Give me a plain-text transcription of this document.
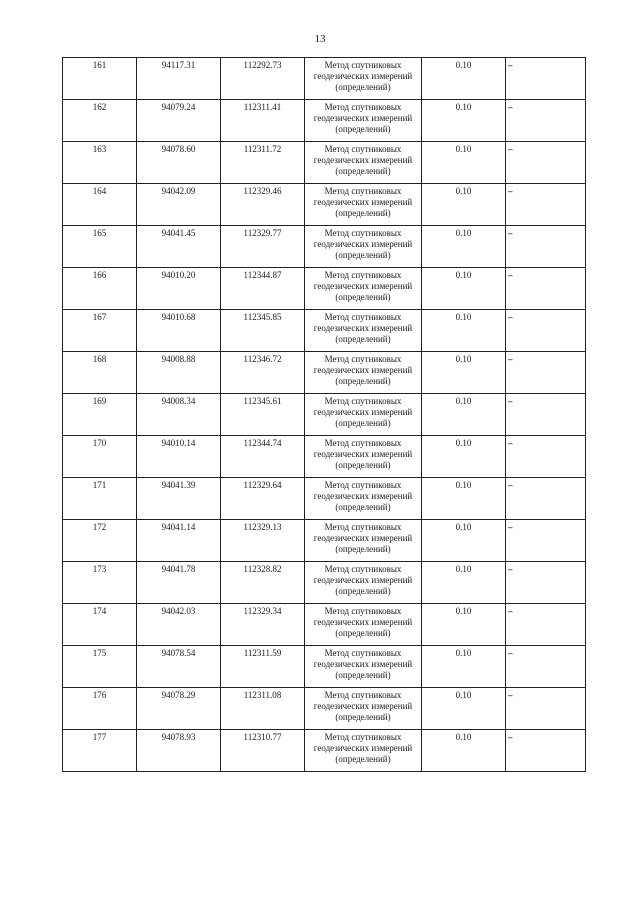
13
161	94117.31	112292.73	Метод спутниковых геодезических измерений (определений)	0.10	–
162	94079.24	112311.41	Метод спутниковых геодезических измерений (определений)	0.10	–
163	94078.60	112311.72	Метод спутниковых геодезических измерений (определений)	0.10	–
164	94042.09	112329.46	Метод спутниковых геодезических измерений (определений)	0.10	–
165	94041.45	112329.77	Метод спутниковых геодезических измерений (определений)	0.10	–
166	94010.20	112344.87	Метод спутниковых геодезических измерений (определений)	0.10	–
167	94010.68	112345.85	Метод спутниковых геодезических измерений (определений)	0.10	–
168	94008.88	112346.72	Метод спутниковых геодезических измерений (определений)	0.10	–
169	94008.34	112345.61	Метод спутниковых геодезических измерений (определений)	0.10	–
170	94010.14	112344.74	Метод спутниковых геодезических измерений (определений)	0.10	–
171	94041.39	112329.64	Метод спутниковых геодезических измерений (определений)	0.10	–
172	94041.14	112329.13	Метод спутниковых геодезических измерений (определений)	0.10	–
173	94041.78	112328.82	Метод спутниковых геодезических измерений (определений)	0.10	–
174	94042.03	112329.34	Метод спутниковых геодезических измерений (определений)	0.10	–
175	94078.54	112311.59	Метод спутниковых геодезических измерений (определений)	0.10	–
176	94078.29	112311.08	Метод спутниковых геодезических измерений (определений)	0.10	–
177	94078.93	112310.77	Метод спутниковых геодезических измерений (определений)	0.10	–
